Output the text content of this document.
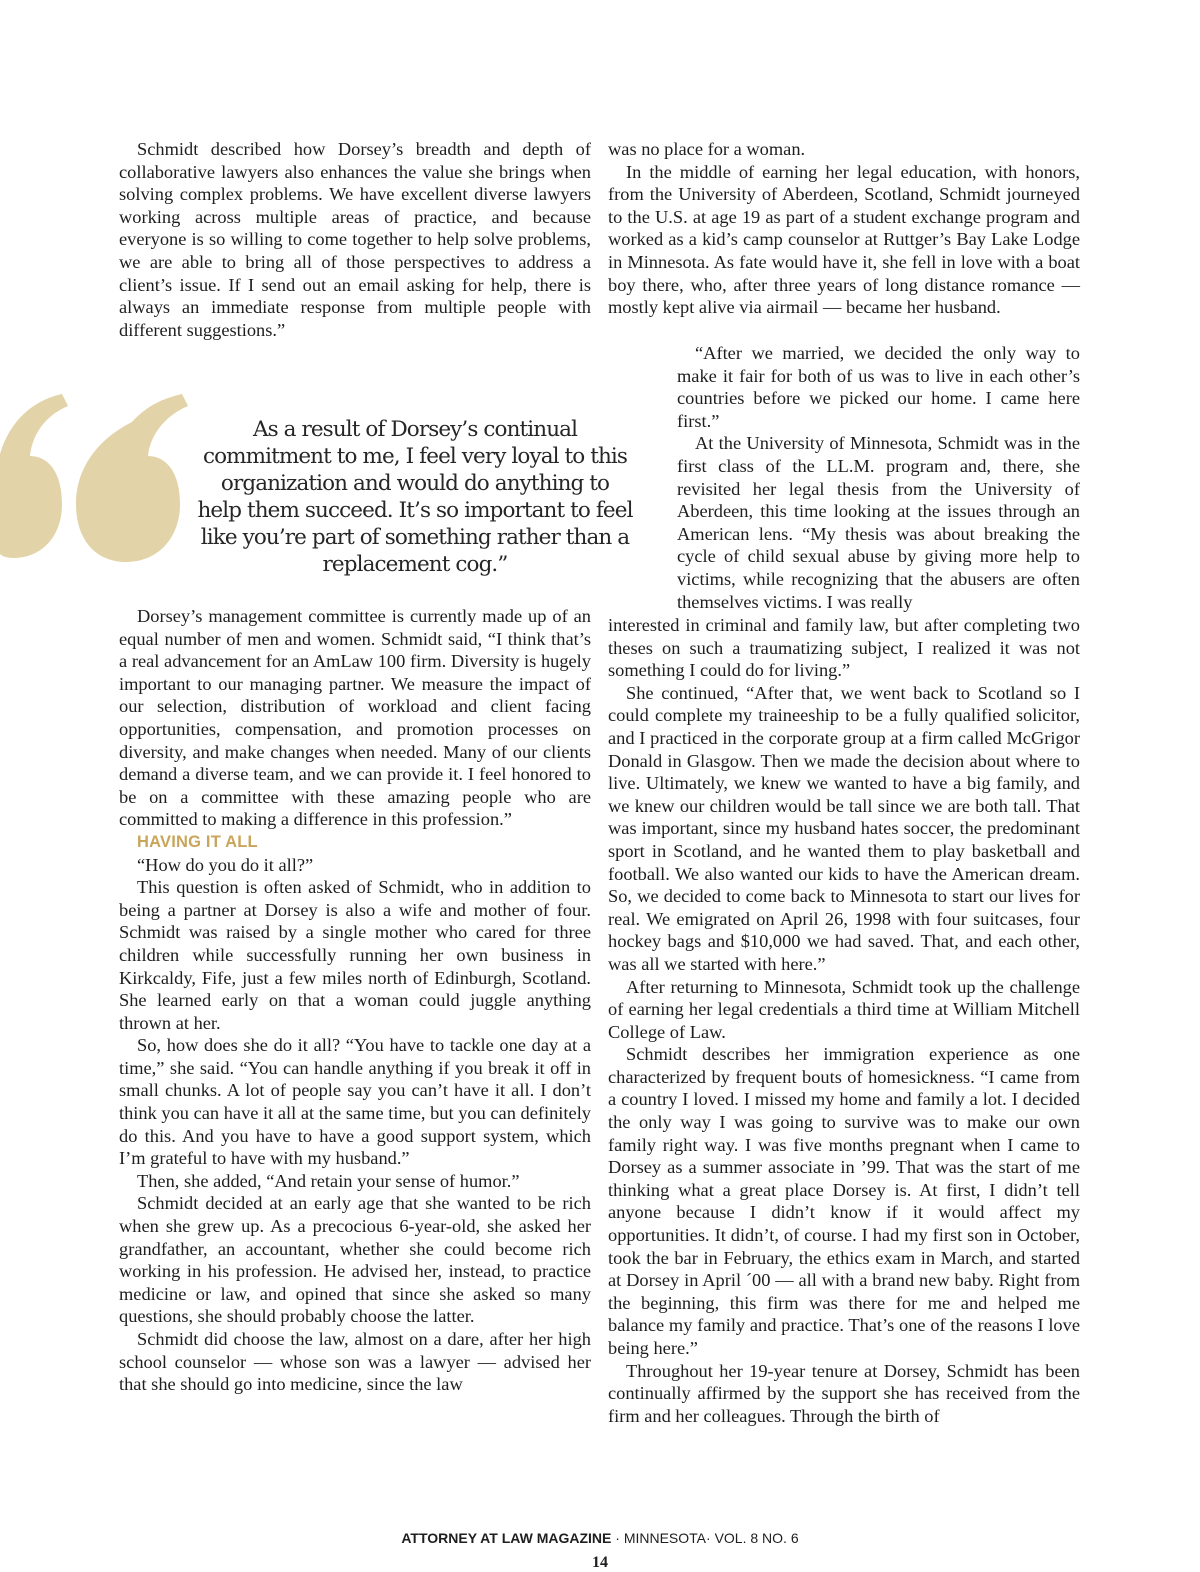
Schmidt described how Dorsey’s breadth and depth of collaborative lawyers also enhances the value she brings when solving complex problems. We have excellent diverse lawyers working across multiple areas of practice, and because everyone is so willing to come together to help solve problems, we are able to bring all of those perspectives to address a client’s issue. If I send out an email asking for help, there is always an immediate response from multiple people with different suggestions.”

As a result of Dorsey’s continual commitment to me, I feel very loyal to this organization and would do anything to help them succeed. It’s so important to feel like you’re part of something rather than a replacement cog.”

Dorsey’s management committee is currently made up of an equal number of men and women. Schmidt said, “I think that’s a real advancement for an AmLaw 100 firm. Diversity is hugely important to our managing partner. We measure the impact of our selection, distribution of workload and client facing opportunities, compensation, and promotion processes on diversity, and make changes when needed. Many of our clients demand a diverse team, and we can provide it. I feel honored to be on a committee with these amazing people who are committed to making a difference in this profession.”

HAVING IT ALL

“How do you do it all?”

This question is often asked of Schmidt, who in addition to being a partner at Dorsey is also a wife and mother of four. Schmidt was raised by a single mother who cared for three children while successfully running her own business in Kirkcaldy, Fife, just a few miles north of Edinburgh, Scotland. She learned early on that a woman could juggle anything thrown at her.

So, how does she do it all? “You have to tackle one day at a time,” she said. “You can handle anything if you break it off in small chunks. A lot of people say you can’t have it all. I don’t think you can have it all at the same time, but you can definitely do this. And you have to have a good support system, which I’m grateful to have with my husband.”

Then, she added, “And retain your sense of humor.”

Schmidt decided at an early age that she wanted to be rich when she grew up. As a precocious 6-year-old, she asked her grandfather, an accountant, whether she could become rich working in his profession. He advised her, instead, to practice medicine or law, and opined that since she asked so many questions, she should probably choose the latter.

Schmidt did choose the law, almost on a dare, after her high school counselor — whose son was a lawyer — advised her that she should go into medicine, since the law

was no place for a woman.

In the middle of earning her legal education, with honors, from the University of Aberdeen, Scotland, Schmidt journeyed to the U.S. at age 19 as part of a student exchange program and worked as a kid’s camp counselor at Ruttger’s Bay Lake Lodge in Minnesota. As fate would have it, she fell in love with a boat boy there, who, after three years of long distance romance — mostly kept alive via airmail — became her husband.

“After we married, we decided the only way to make it fair for both of us was to live in each other’s countries before we picked our home. I came here first.”

At the University of Minnesota, Schmidt was in the first class of the LL.M. program and, there, she revisited her legal thesis from the University of Aberdeen, this time looking at the issues through an American lens. “My thesis was about breaking the cycle of child sexual abuse by giving more help to victims, while recognizing that the abusers are often themselves victims. I was really

interested in criminal and family law, but after completing two theses on such a traumatizing subject, I realized it was not something I could do for living.”

She continued, “After that, we went back to Scotland so I could complete my traineeship to be a fully qualified solicitor, and I practiced in the corporate group at a firm called McGrigor Donald in Glasgow. Then we made the decision about where to live. Ultimately, we knew we wanted to have a big family, and we knew our children would be tall since we are both tall. That was important, since my husband hates soccer, the predominant sport in Scotland, and he wanted them to play basketball and football. We also wanted our kids to have the American dream. So, we decided to come back to Minnesota to start our lives for real. We emigrated on April 26, 1998 with four suitcases, four hockey bags and $10,000 we had saved. That, and each other, was all we started with here.”

After returning to Minnesota, Schmidt took up the challenge of earning her legal credentials a third time at William Mitchell College of Law.

Schmidt describes her immigration experience as one characterized by frequent bouts of homesickness. “I came from a country I loved. I missed my home and family a lot. I decided the only way I was going to survive was to make our own family right way. I was five months pregnant when I came to Dorsey as a summer associate in ’99. That was the start of me thinking what a great place Dorsey is. At first, I didn’t tell anyone because I didn’t know if it would affect my opportunities. It didn’t, of course. I had my first son in October, took the bar in February, the ethics exam in March, and started at Dorsey in April ´00 — all with a brand new baby. Right from the beginning, this firm was there for me and helped me balance my family and practice. That’s one of the reasons I love being here.”

Throughout her 19-year tenure at Dorsey, Schmidt has been continually affirmed by the support she has received from the firm and her colleagues. Through the birth of

ATTORNEY AT LAW MAGAZINE · MINNESOTA· VOL. 8 NO. 6
14
